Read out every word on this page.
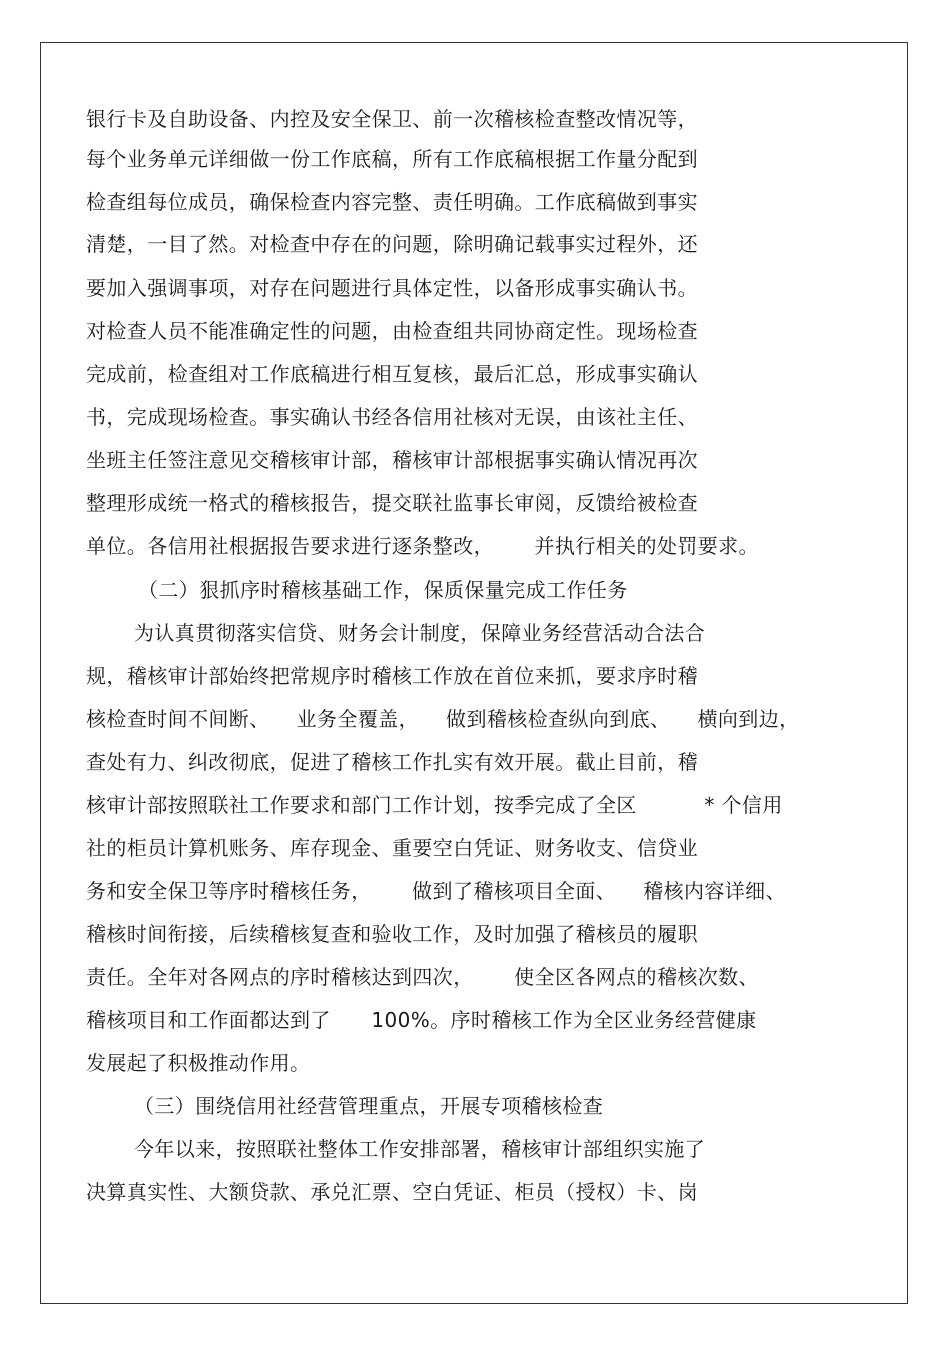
银行卡及自助设备、内控及安全保卫、前一次稽核检查整改情况等，
每个业务单元详细做一份工作底稿，所有工作底稿根据工作量分配到
检查组每位成员，确保检查内容完整、责任明确。工作底稿做到事实
清楚，一目了然。对检查中存在的问题，除明确记载事实过程外，还
要加入强调事项，对存在问题进行具体定性，以备形成事实确认书。
对检查人员不能准确定性的问题，由检查组共同协商定性。现场检查
完成前，检查组对工作底稿进行相互复核，最后汇总，形成事实确认
书，完成现场检查。事实确认书经各信用社核对无误，由该社主任、
坐班主任签注意见交稽核审计部，稽核审计部根据事实确认情况再次
整理形成统一格式的稽核报告，提交联社监事长审阅，反馈给被检查
单位。各信用社根据报告要求进行逐条整改，      并执行相关的处罚要求。
（二）狠抓序时稽核基础工作，保质保量完成工作任务
为认真贯彻落实信贷、财务会计制度，保障业务经营活动合法合
规，稽核审计部始终把常规序时稽核工作放在首位来抓，要求序时稽
核检查时间不间断、    业务全覆盖，    做到稽核检查纵向到底、    横向到边，
查处有力、纠改彻底，促进了稽核工作扎实有效开展。截止目前，稽
核审计部按照联社工作要求和部门工作计划，按季完成了全区          * 个信用
社的柜员计算机账务、库存现金、重要空白凭证、财务收支、信贷业
务和安全保卫等序时稽核任务，      做到了稽核项目全面、    稽核内容详细、
稽核时间衔接，后续稽核复查和验收工作，及时加强了稽核员的履职
责任。全年对各网点的序时稽核达到四次，      使全区各网点的稽核次数、
稽核项目和工作面都达到了      100%。序时稽核工作为全区业务经营健康
发展起了积极推动作用。
（三）围绕信用社经营管理重点，开展专项稽核检查
今年以来，按照联社整体工作安排部署，稽核审计部组织实施了
决算真实性、大额贷款、承兑汇票、空白凭证、柜员（授权）卡、岗
